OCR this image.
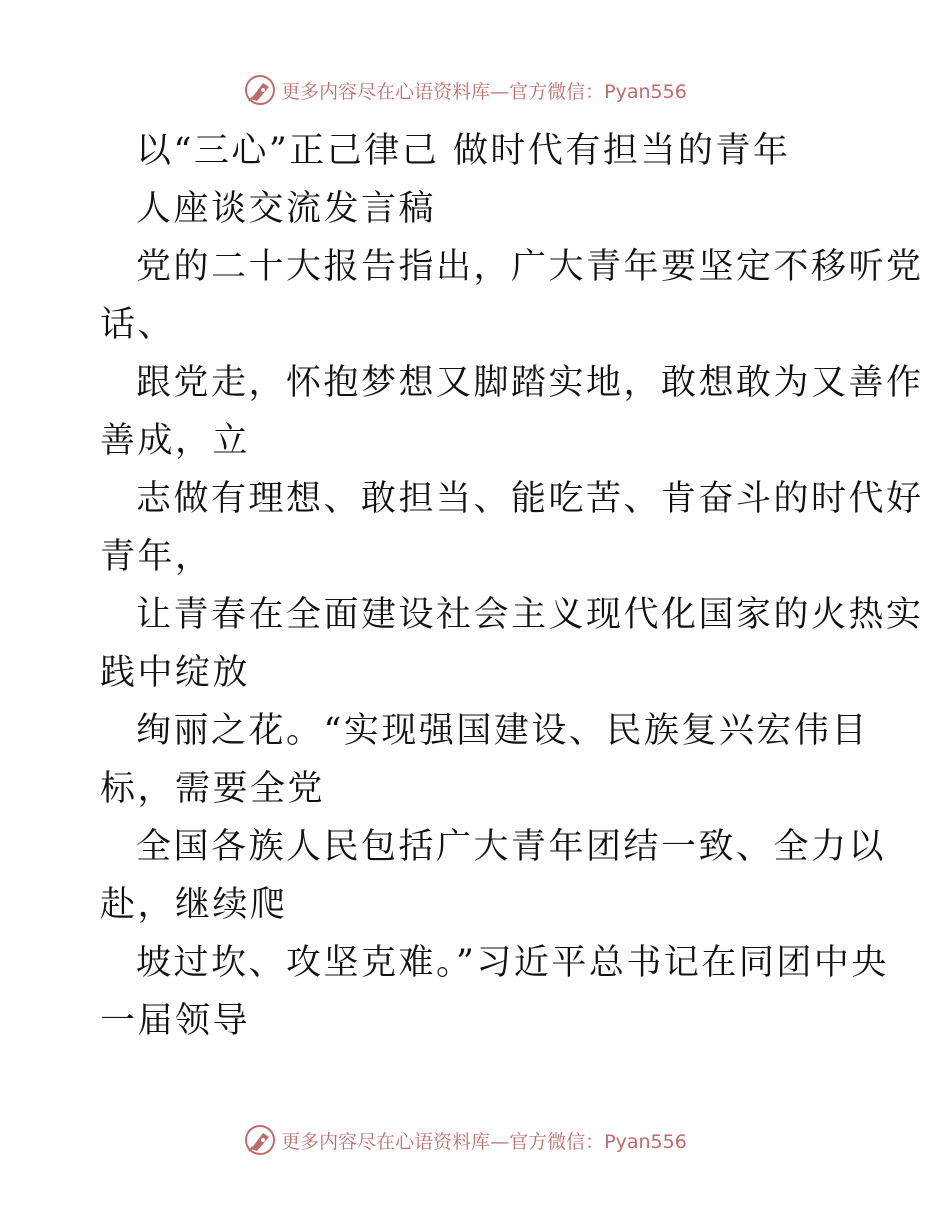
更多内容尽在心语资料库—官方微信：Pyan556
以“三心”正己律己 做时代有担当的青年
人座谈交流发言稿
党的二十大报告指出，广大青年要坚定不移听党
话、
跟党走，怀抱梦想又脚踏实地，敢想敢为又善作
善成，立
志做有理想、敢担当、能吃苦、肯奋斗的时代好
青年，
让青春在全面建设社会主义现代化国家的火热实
践中绽放
绚丽之花。“实现强国建设、民族复兴宏伟目
标，需要全党
全国各族人民包括广大青年团结一致、全力以
赴，继续爬
坡过坎、攻坚克难。”习近平总书记在同团中央
一届领导
更多内容尽在心语资料库—官方微信：Pyan556
